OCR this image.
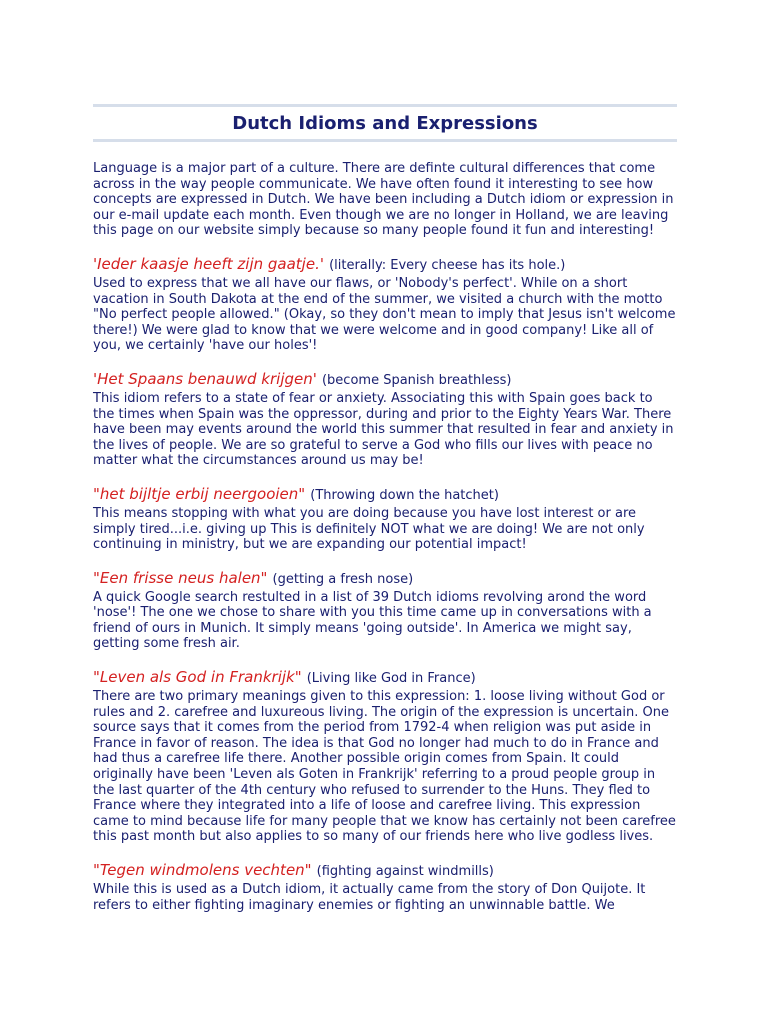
Dutch Idioms and Expressions
Language is a major part of a culture. There are definte cultural differences that come across in the way people communicate. We have often found it interesting to see how concepts are expressed in Dutch. We have been including a Dutch idiom or expression in our e-mail update each month. Even though we are no longer in Holland, we are leaving this page on our website simply because so many people found it fun and interesting!
'Ieder kaasje heeft zijn gaatje.' (literally: Every cheese has its hole.)
Used to express that we all have our flaws, or 'Nobody's perfect'. While on a short vacation in South Dakota at the end of the summer, we visited a church with the motto "No perfect people allowed." (Okay, so they don't mean to imply that Jesus isn't welcome there!) We were glad to know that we were welcome and in good company! Like all of you, we certainly 'have our holes'!
'Het Spaans benauwd krijgen' (become Spanish breathless)
This idiom refers to a state of fear or anxiety. Associating this with Spain goes back to the times when Spain was the oppressor, during and prior to the Eighty Years War. There have been may events around the world this summer that resulted in fear and anxiety in the lives of people. We are so grateful to serve a God who fills our lives with peace no matter what the circumstances around us may be!
"het bijltje erbij neergooien" (Throwing down the hatchet)
This means stopping with what you are doing because you have lost interest or are simply tired...i.e. giving up This is definitely NOT what we are doing! We are not only continuing in ministry, but we are expanding our potential impact!
"Een frisse neus halen" (getting a fresh nose)
A quick Google search restulted in a list of 39 Dutch idioms revolving arond the word 'nose'! The one we chose to share with you this time came up in conversations with a friend of ours in Munich. It simply means 'going outside'. In America we might say, getting some fresh air.
"Leven als God in Frankrijk" (Living like God in France)
There are two primary meanings given to this expression: 1. loose living without God or rules and 2. carefree and luxureous living. The origin of the expression is uncertain. One source says that it comes from the period from 1792-4 when religion was put aside in France in favor of reason. The idea is that God no longer had much to do in France and had thus a carefree life there. Another possible origin comes from Spain. It could originally have been 'Leven als Goten in Frankrijk' referring to a proud people group in the last quarter of the 4th century who refused to surrender to the Huns. They fled to France where they integrated into a life of loose and carefree living. This expression came to mind because life for many people that we know has certainly not been carefree this past month but also applies to so many of our friends here who live godless lives.
"Tegen windmolens vechten" (fighting against windmills)
While this is used as a Dutch idiom, it actually came from the story of Don Quijote. It refers to either fighting imaginary enemies or fighting an unwinnable battle. We
